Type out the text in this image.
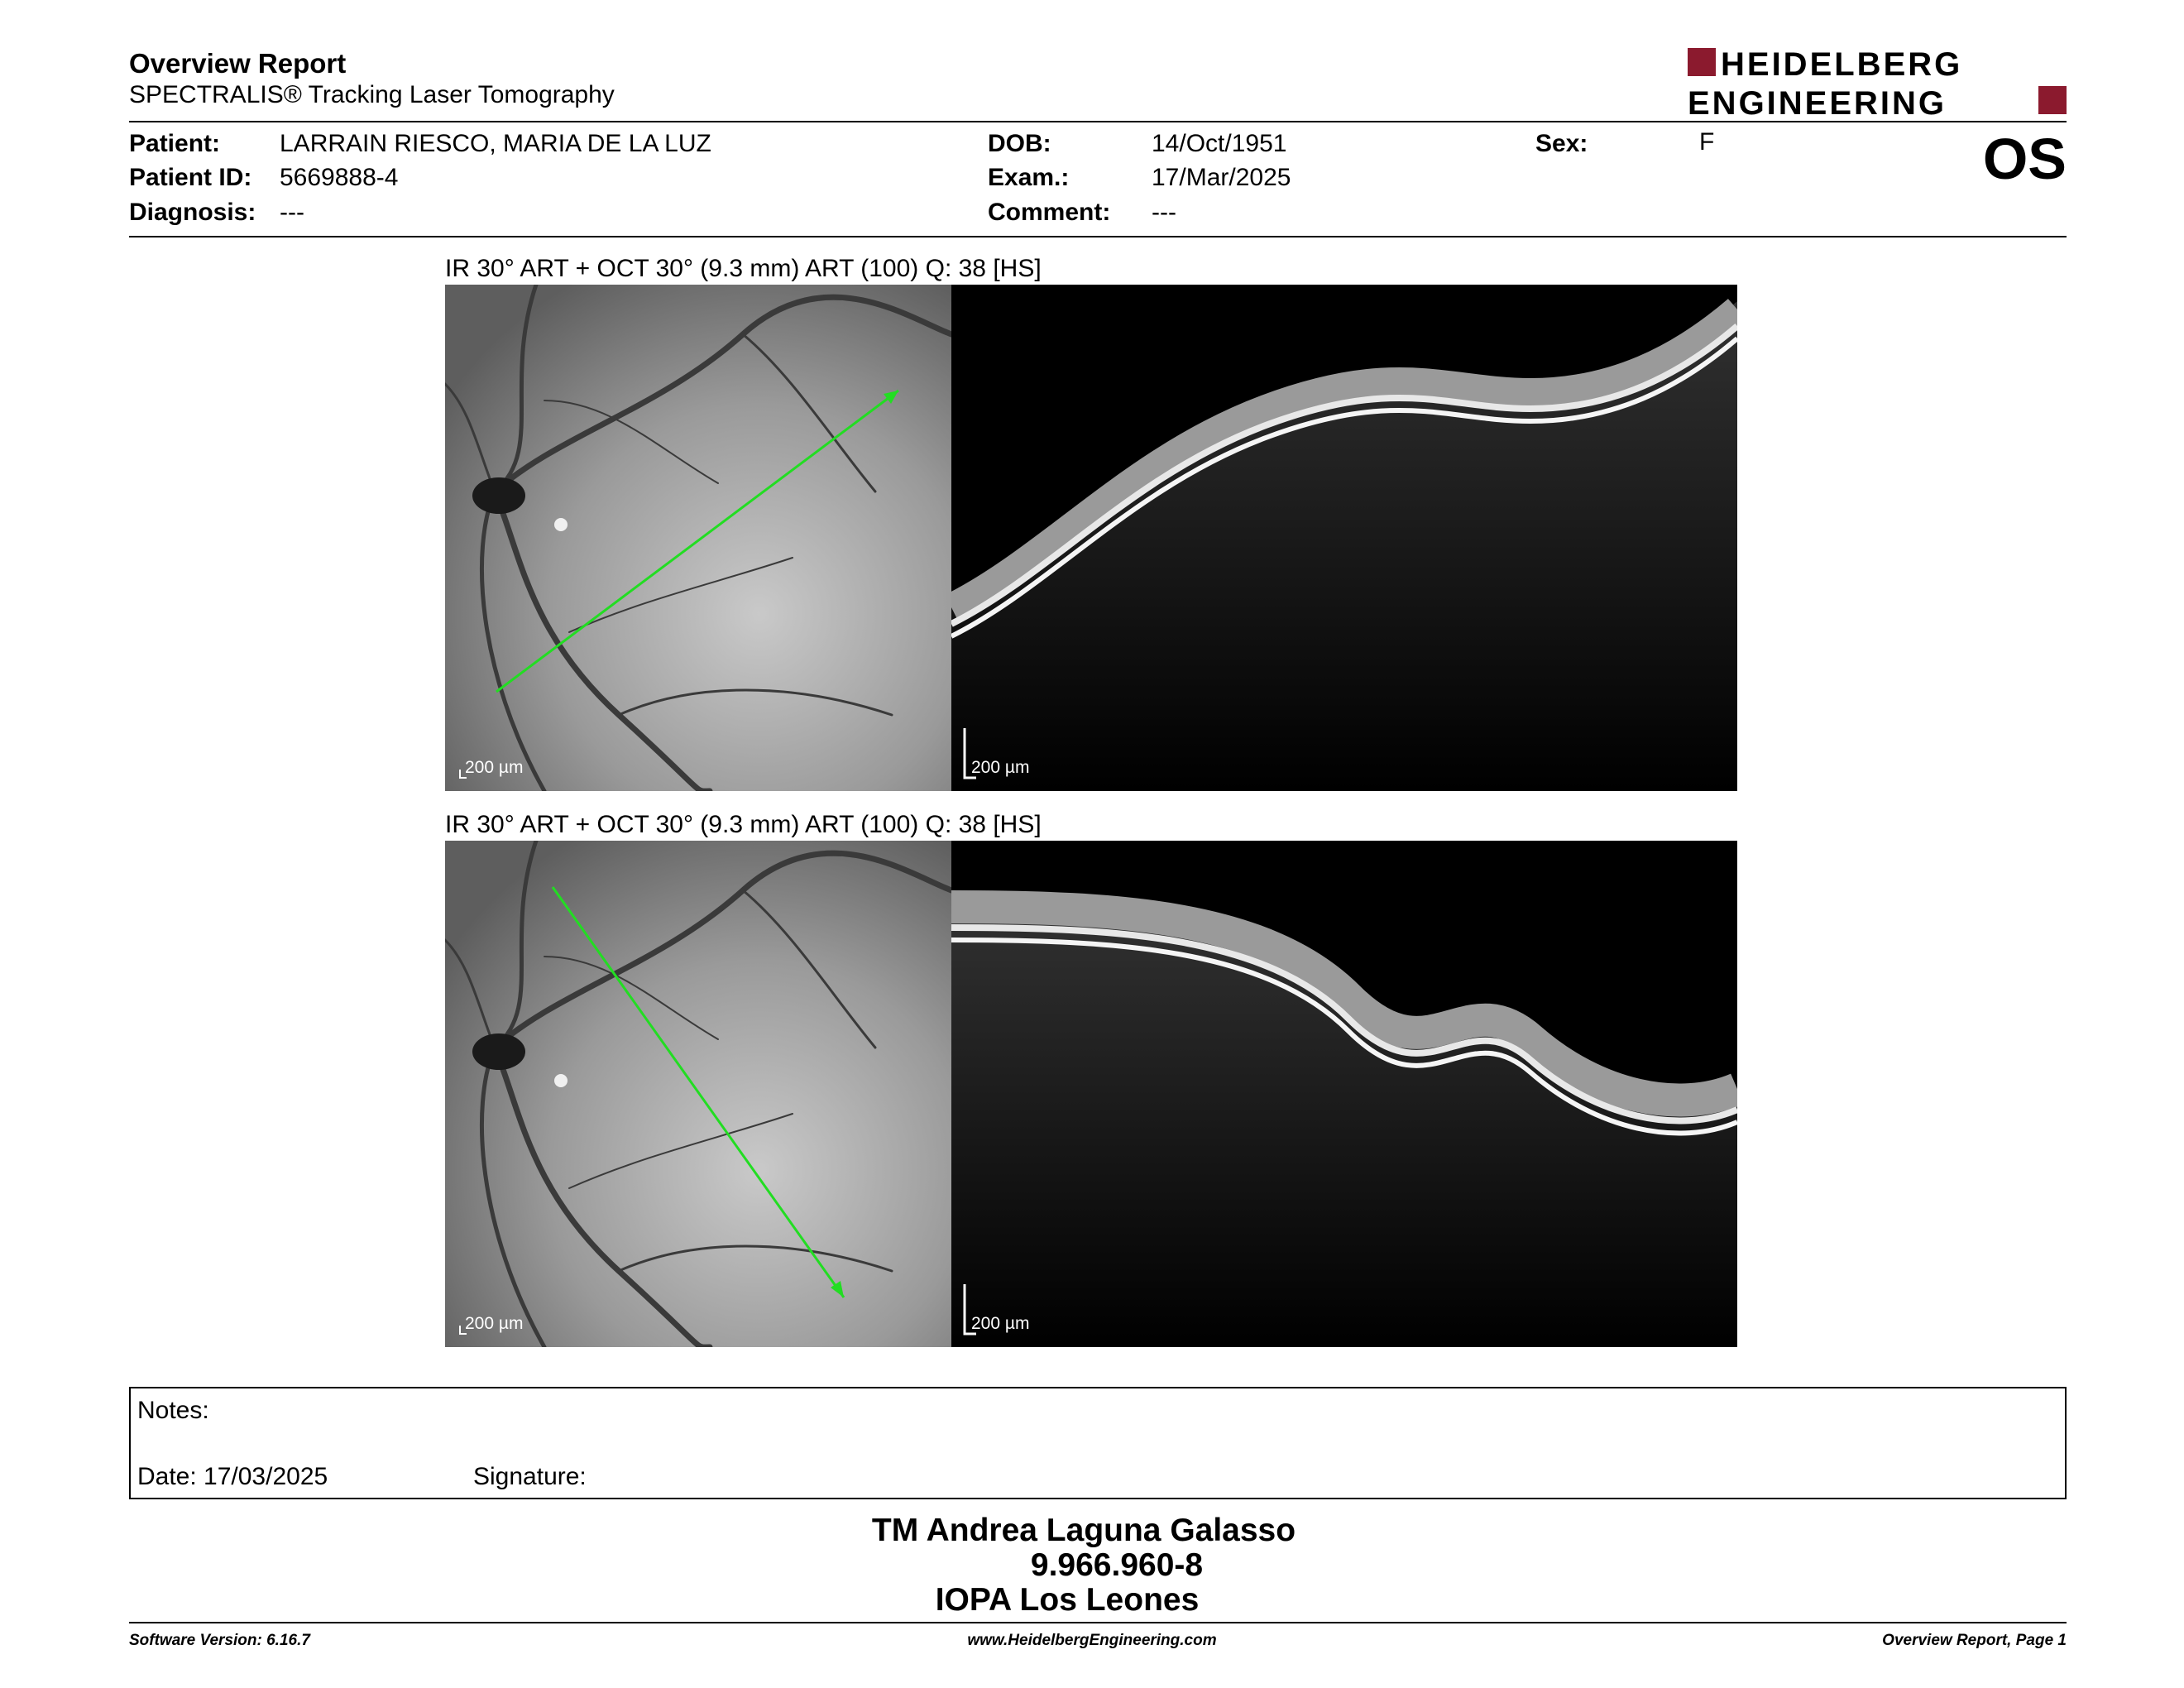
Overview Report
SPECTRALIS® Tracking Laser Tomography
HEIDELBERG
ENGINEERING
Patient: LARRAIN RIESCO, MARIA DE LA LUZ
Patient ID: 5669888-4
Diagnosis: ---
DOB:	14/Oct/1951
Exam.:	17/Mar/2025
Comment: ---
Sex:	F	OS
IR 30° ART + OCT 30° (9.3 mm) ART (100) Q: 38 [HS]
200 µm	200 µm
IR 30° ART + OCT 30° (9.3 mm) ART (100) Q: 38 [HS]
200 µm	200 µm
Notes:
Date: 17/03/2025	Signature:
TM Andrea Laguna Galasso
9.966.960-8
IOPA Los Leones
Software Version: 6.16.7	www.HeidelbergEngineering.com	Overview Report, Page 1
